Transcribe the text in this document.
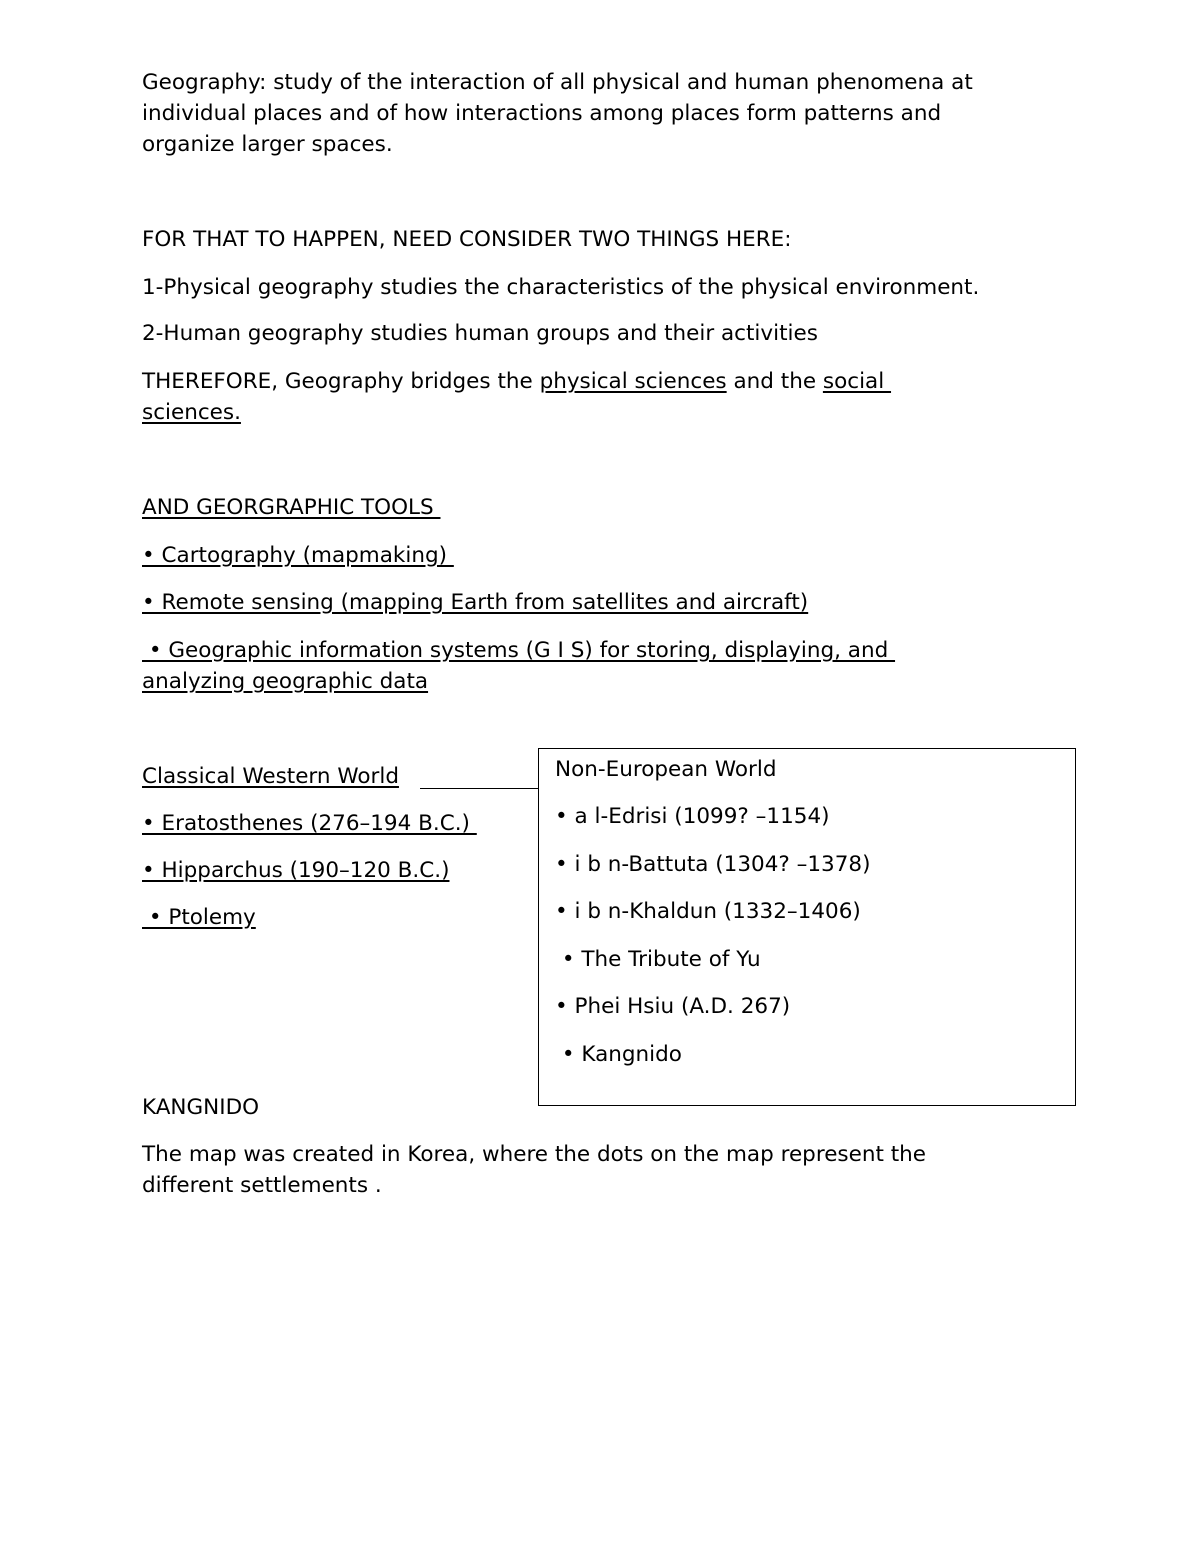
Geography: study of the interaction of all physical and human phenomena at
individual places and of how interactions among places form patterns and
organize larger spaces.
FOR THAT TO HAPPEN, NEED CONSIDER TWO THINGS HERE:
1-Physical geography studies the characteristics of the physical environment.
2-Human geography studies human groups and their activities
THEREFORE, Geography bridges the physical sciences and the social
sciences.
AND GEORGRAPHIC TOOLS
• Cartography (mapmaking)
• Remote sensing (mapping Earth from satellites and aircraft)
• Geographic information systems (G I S) for storing, displaying, and
analyzing geographic data
Classical Western World
• Eratosthenes (276–194 B.C.)
• Hipparchus (190–120 B.C.)
• Ptolemy
Non-European World
• a l-Edrisi (1099? –1154)
• i b n-Battuta (1304? –1378)
• i b n-Khaldun (1332–1406)
• The Tribute of Yu
• Phei Hsiu (A.D. 267)
• Kangnido
KANGNIDO
The map was created in Korea, where the dots on the map represent the
different settlements .
